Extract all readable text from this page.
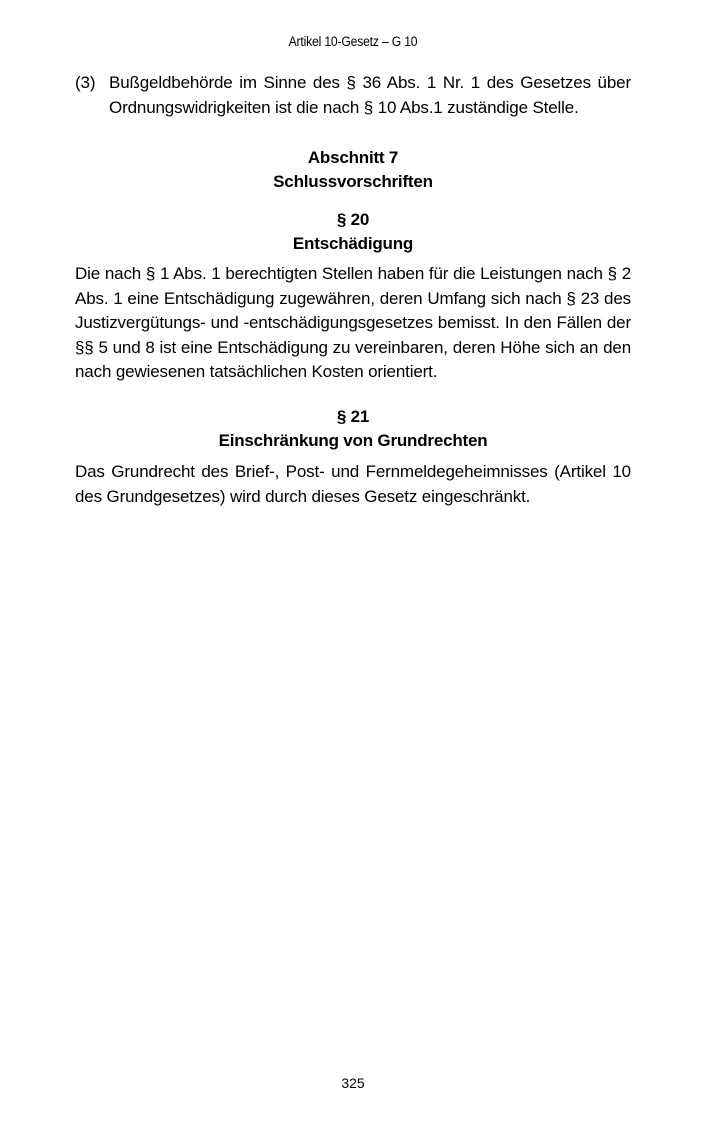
Artikel 10-Gesetz – G 10
(3) Bußgeldbehörde im Sinne des § 36 Abs. 1 Nr. 1 des Gesetzes über Ordnungswidrigkeiten ist die nach § 10 Abs.1 zuständige Stelle.
Abschnitt 7
Schlussvorschriften
§ 20
Entschädigung
Die nach § 1 Abs. 1 berechtigten Stellen haben für die Leistungen nach § 2 Abs. 1 eine Entschädigung zugewähren, deren Umfang sich nach § 23 des Justizvergütungs- und -entschädigungsgesetzes bemisst. In den Fällen der §§ 5 und 8 ist eine Entschädigung zu vereinbaren, deren Höhe sich an den nach gewiesenen tatsächlichen Kosten orientiert.
§ 21
Einschränkung von Grundrechten
Das Grundrecht des Brief-, Post- und Fernmeldegeheimnisses (Artikel 10 des Grundgesetzes) wird durch dieses Gesetz eingeschränkt.
325
